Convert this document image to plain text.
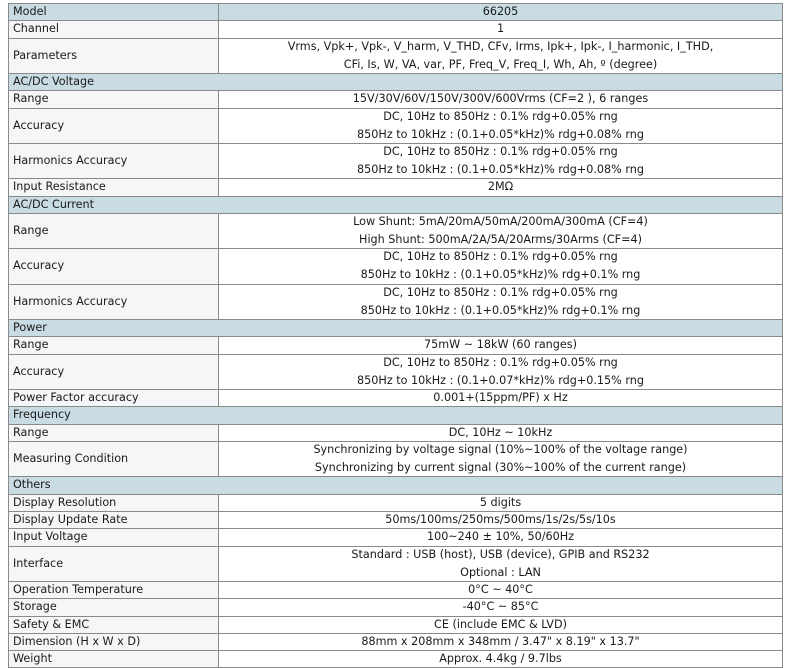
Model	66205
Channel	1

Parameters	Vrms, Vpk+, Vpk-, V_harm, V_THD, CFv, Irms, Ipk+, Ipk-, I_harmonic, I_THD,
CFi, Is, W, VA, var, PF, Freq_V, Freq_I, Wh, Ah, º (degree)

AC/DC Voltage	
Range	15V/30V/60V/150V/300V/600Vrms (CF=2 ), 6 ranges

Accuracy	DC, 10Hz to 850Hz : 0.1% rdg+0.05% rng
850Hz to 10kHz : (0.1+0.05*kHz)% rdg+0.08% rng

Harmonics Accuracy	DC, 10Hz to 850Hz : 0.1% rdg+0.05% rng
850Hz to 10kHz : (0.1+0.05*kHz)% rdg+0.08% rng

Input Resistance	2MΩ

AC/DC Current	
Range	Low Shunt: 5mA/20mA/50mA/200mA/300mA (CF=4)
High Shunt: 500mA/2A/5A/20Arms/30Arms (CF=4)

Accuracy	DC, 10Hz to 850Hz : 0.1% rdg+0.05% rng
850Hz to 10kHz : (0.1+0.05*kHz)% rdg+0.1% rng

Harmonics Accuracy	DC, 10Hz to 850Hz : 0.1% rdg+0.05% rng
850Hz to 10kHz : (0.1+0.05*kHz)% rdg+0.1% rng

Power	
Range	75mW ~ 18kW (60 ranges)

Accuracy	DC, 10Hz to 850Hz : 0.1% rdg+0.05% rng
850Hz to 10kHz : (0.1+0.07*kHz)% rdg+0.15% rng

Power Factor accuracy	0.001+(15ppm/PF) x Hz

Frequency	
Range	DC, 10Hz ~ 10kHz

Measuring Condition	Synchronizing by voltage signal (10%~100% of the voltage range)
Synchronizing by current signal (30%~100% of the current range)

Others	
Display Resolution	5 digits

Display Update Rate	50ms/100ms/250ms/500ms/1s/2s/5s/10s

Input Voltage	100~240 ± 10%, 50/60Hz

Interface	Standard : USB (host), USB (device), GPIB and RS232
Optional : LAN

Operation Temperature	0°C ~ 40°C

Storage	-40°C ~ 85°C

Safety & EMC	CE (include EMC & LVD)

Dimension (H x W x D)	88mm x 208mm x 348mm / 3.47" x 8.19" x 13.7"

Weight	Approx. 4.4kg / 9.7lbs
